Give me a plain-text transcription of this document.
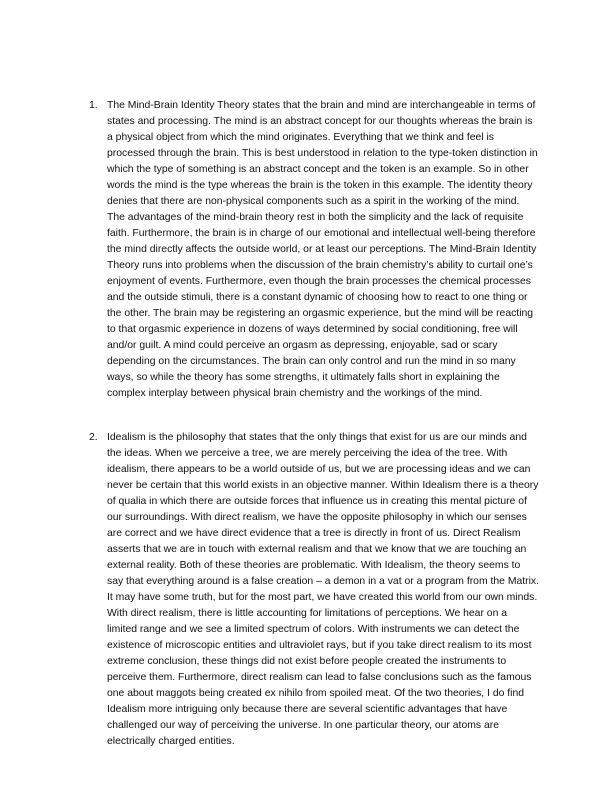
1. The Mind-Brain Identity Theory states that the brain and mind are interchangeable in terms of states and processing. The mind is an abstract concept for our thoughts whereas the brain is a physical object from which the mind originates. Everything that we think and feel is processed through the brain. This is best understood in relation to the type-token distinction in which the type of something is an abstract concept and the token is an example. So in other words the mind is the type whereas the brain is the token in this example. The identity theory denies that there are non-physical components such as a spirit in the working of the mind. The advantages of the mind-brain theory rest in both the simplicity and the lack of requisite faith. Furthermore, the brain is in charge of our emotional and intellectual well-being therefore the mind directly affects the outside world, or at least our perceptions. The Mind-Brain Identity Theory runs into problems when the discussion of the brain chemistry’s ability to curtail one’s enjoyment of events. Furthermore, even though the brain processes the chemical processes and the outside stimuli, there is a constant dynamic of choosing how to react to one thing or the other. The brain may be registering an orgasmic experience, but the mind will be reacting to that orgasmic experience in dozens of ways determined by social conditioning, free will and/or guilt. A mind could perceive an orgasm as depressing, enjoyable, sad or scary depending on the circumstances. The brain can only control and run the mind in so many ways, so while the theory has some strengths, it ultimately falls short in explaining the complex interplay between physical brain chemistry and the workings of the mind.
2. Idealism is the philosophy that states that the only things that exist for us are our minds and the ideas. When we perceive a tree, we are merely perceiving the idea of the tree. With idealism, there appears to be a world outside of us, but we are processing ideas and we can never be certain that this world exists in an objective manner. Within Idealism there is a theory of qualia in which there are outside forces that influence us in creating this mental picture of our surroundings. With direct realism, we have the opposite philosophy in which our senses are correct and we have direct evidence that a tree is directly in front of us. Direct Realism asserts that we are in touch with external realism and that we know that we are touching an external reality. Both of these theories are problematic. With Idealism, the theory seems to say that everything around is a false creation – a demon in a vat or a program from the Matrix. It may have some truth, but for the most part, we have created this world from our own minds. With direct realism, there is little accounting for limitations of perceptions. We hear on a limited range and we see a limited spectrum of colors. With instruments we can detect the existence of microscopic entities and ultraviolet rays, but if you take direct realism to its most extreme conclusion, these things did not exist before people created the instruments to perceive them. Furthermore, direct realism can lead to false conclusions such as the famous one about maggots being created ex nihilo from spoiled meat. Of the two theories, I do find Idealism more intriguing only because there are several scientific advantages that have challenged our way of perceiving the universe. In one particular theory, our atoms are electrically charged entities.
